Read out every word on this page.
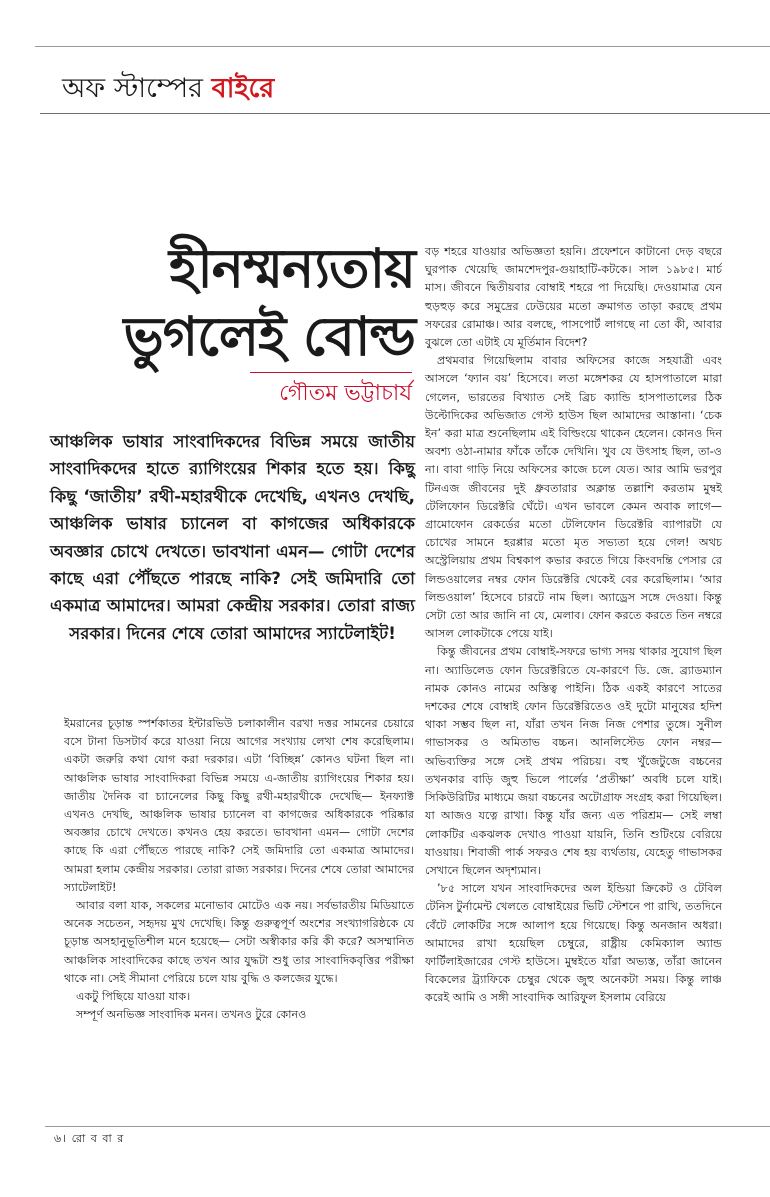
অফ স্টাম্পের বাইরে
হীনম্মন্যতায়
ভুগলেই বোল্ড
গৌতম ভট্টাচার্য
আঞ্চলিক ভাষার সাংবাদিকদের বিভিন্ন সময়ে জাতীয় সাংবাদিকদের হাতে র‍্যাগিংয়ের শিকার হতে হয়। কিছু কিছু ‘জাতীয়’ রথী-মহারথীকে দেখেছি, এখনও দেখছি, আঞ্চলিক ভাষার চ্যানেল বা কাগজের অধিকারকে অবজ্ঞার চোখে দেখতে। ভাবখানা এমন— গোটা দেশের কাছে এরা পৌঁছতে পারছে নাকি? সেই জমিদারি তো একমাত্র আমাদের। আমরা কেন্দ্রীয় সরকার। তোরা রাজ্য সরকার। দিনের শেষে তোরা আমাদের স্যাটেলাইট!

ইমরানের চূড়ান্ত স্পর্শকাতর ইন্টারভিউ চলাকালীন বরখা দত্তর সামনের চেয়ারে বসে টানা ডিসটার্ব করে যাওয়া নিয়ে আগের সংখ্যায় লেখা শেষ করেছিলাম। একটা জরুরি কথা যোগ করা দরকার। এটা ‘বিচ্ছিন্ন’ কোনও ঘটনা ছিল না। আঞ্চলিক ভাষার সাংবাদিকরা বিভিন্ন সময়ে এ-জাতীয় র‍্যাগিংয়ের শিকার হয়। জাতীয় দৈনিক বা চ্যানেলের কিছু কিছু রথী-মহারথীকে দেখেছি— ইনফ্যাক্ট এখনও দেখছি, আঞ্চলিক ভাষার চ্যানেল বা কাগজের অধিকারকে পরিষ্কার অবজ্ঞার চোখে দেখতে। কখনও হেয় করতে। ভাবখানা এমন— গোটা দেশের কাছে কি এরা পৌঁছতে পারছে নাকি? সেই জমিদারি তো একমাত্র আমাদের। আমরা হলাম কেন্দ্রীয় সরকার। তোরা রাজ্য সরকার। দিনের শেষে তোরা আমাদের স্যাটেলাইট!

আবার বলা যাক, সকলের মনোভাব মোটেও এক নয়। সর্বভারতীয় মিডিয়াতে অনেক সচেতন, সহৃদয় মুখ দেখেছি। কিন্তু গুরুত্বপূর্ণ অংশের সংখ্যাগরিষ্ঠকে যে চূড়ান্ত অসহানুভূতিশীল মনে হয়েছে— সেটা অস্বীকার করি কী করে? অসম্মানিত আঞ্চলিক সাংবাদিকের কাছে তখন আর যুদ্ধটা শুধু তার সাংবাদিকবৃত্তির পরীক্ষা থাকে না। সেই সীমানা পেরিয়ে চলে যায় বুদ্ধি ও কলজের যুদ্ধে।

একটু পিছিয়ে যাওয়া যাক।

সম্পূর্ণ অনভিজ্ঞ সাংবাদিক মনন। তখনও টুরে কোনও

বড় শহরে যাওয়ার অভিজ্ঞতা হয়নি। প্রফেশনে কাটানো দেড় বছরে ঘুরপাক খেয়েছি জামশেদপুর-গুয়াহাটি-কটকে। সাল ১৯৮৫। মার্চ মাস। জীবনে দ্বিতীয়বার বোম্বাই শহরে পা দিয়েছি। দেওয়ামাত্র যেন হুড়হুড় করে সমুদ্রের ঢেউয়ের মতো ক্রমাগত তাড়া করছে প্রথম সফরের রোমাঞ্চ। আর বলছে, পাসপোর্ট লাগছে না তো কী, আবার বুঝলে তো এটাই যে মূর্তিমান বিদেশ?

প্রথমবার গিয়েছিলাম বাবার অফিসের কাজে সহযাত্রী এবং আসলে ‘ফ্যান বয়’ হিসেবে। লতা মঙ্গেশকর যে হাসপাতালে মারা গেলেন, ভারতের বিখ্যাত সেই ব্রিচ ক্যান্ডি হাসপাতালের ঠিক উল্টোদিকের অভিজাত গেস্ট হাউস ছিল আমাদের আস্তানা। ‘চেক ইন’ করা মাত্র শুনেছিলাম এই বিল্ডিংয়ে থাকেন হেলেন। কোনও দিন অবশ্য ওঠা-নামার ফাঁকে তাঁকে দেখিনি। খুব যে উৎসাহ ছিল, তা-ও না। বাবা গাড়ি নিয়ে অফিসের কাজে চলে যেত। আর আমি ভরপুর টিনএজ জীবনের দুই ধ্রুবতারার অক্লান্ত তল্লাশি করতাম মুম্বই টেলিফোন ডিরেক্টরি ঘেঁটে। এখন ভাবলে কেমন অবাক লাগে— গ্রামোফোন রেকর্ডের মতো টেলিফোন ডিরেক্টরি ব্যাপারটা যে চোখের সামনে হরপ্পার মতো মৃত সভ্যতা হয়ে গেল! অথচ অস্ট্রেলিয়ায় প্রথম বিশ্বকাপ কভার করতে গিয়ে কিংবদন্তি পেসার রে লিন্ডওয়ালের নম্বর ফোন ডিরেক্টরি থেকেই বের করেছিলাম। ‘আর লিন্ডওয়াল’ হিসেবে চারটে নাম ছিল। অ্যাড্রেস সঙ্গে দেওয়া। কিন্তু সেটা তো আর জানি না যে, মেলাব। ফোন করতে করতে তিন নম্বরে আসল লোকটাকে পেয়ে যাই।

কিন্তু জীবনের প্রথম বোম্বাই-সফরে ভাগ্য সদয় থাকার সুযোগ ছিল না। অ্যাডিলেড ফোন ডিরেক্টরিতে যে-কারণে ডি. জে. ব্র্যাডম্যান নামক কোনও নামের অস্তিত্ব পাইনি। ঠিক একই কারণে সাতের দশকের শেষে বোম্বাই ফোন ডিরেক্টরিতেও ওই দুটো মানুষের হদিশ থাকা সম্ভব ছিল না, যাঁরা তখন নিজ নিজ পেশার তুঙ্গে। সুনীল গাভাসকর ও অমিতাভ বচ্চন। আনলিস্টেড ফোন নম্বর— অভিব্যক্তির সঙ্গে সেই প্রথম পরিচয়। বহু খুঁজেটুজে বচ্চনের তখনকার বাড়ি জুহু ভিলে পার্লের ‘প্রতীক্ষা’ অবধি চলে যাই। সিকিউরিটির মাধ্যমে জয়া বচ্চনের অটোগ্রাফ সংগ্রহ করা গিয়েছিল। যা আজও যত্নে রাখা। কিন্তু যাঁর জন্য এত পরিশ্রম— সেই লম্বা লোকটির একঝলক দেখাও পাওয়া যায়নি, তিনি শুটিংয়ে বেরিয়ে যাওয়ায়। শিবাজী পার্ক সফরও শেষ হয় ব্যর্থতায়, যেহেতু গাভাসকর সেখানে ছিলেন অদৃশ্যমান।

’৮৫ সালে যখন সাংবাদিকদের অল ইন্ডিয়া ক্রিকেট ও টেবিল টেনিস টুর্নামেন্ট খেলতে বোম্বাইয়ের ভিটি স্টেশনে পা রাখি, ততদিনে বেঁটে লোকটির সঙ্গে আলাপ হয়ে গিয়েছে। কিন্তু অনজান অধরা। আমাদের রাখা হয়েছিল চেম্বুরে, রাষ্ট্রীয় কেমিক্যাল অ্যান্ড ফার্টিলাইজারের গেস্ট হাউসে। মুম্বইতে যাঁরা অভ্যস্ত, তাঁরা জানেন বিকেলের ট্র্যাফিকে চেম্বুর থেকে জুহু অনেকটা সময়। কিন্তু লাঞ্চ করেই আমি ও সঙ্গী সাংবাদিক আরিফুল ইসলাম বেরিয়ে

৬। রো ব বা র
